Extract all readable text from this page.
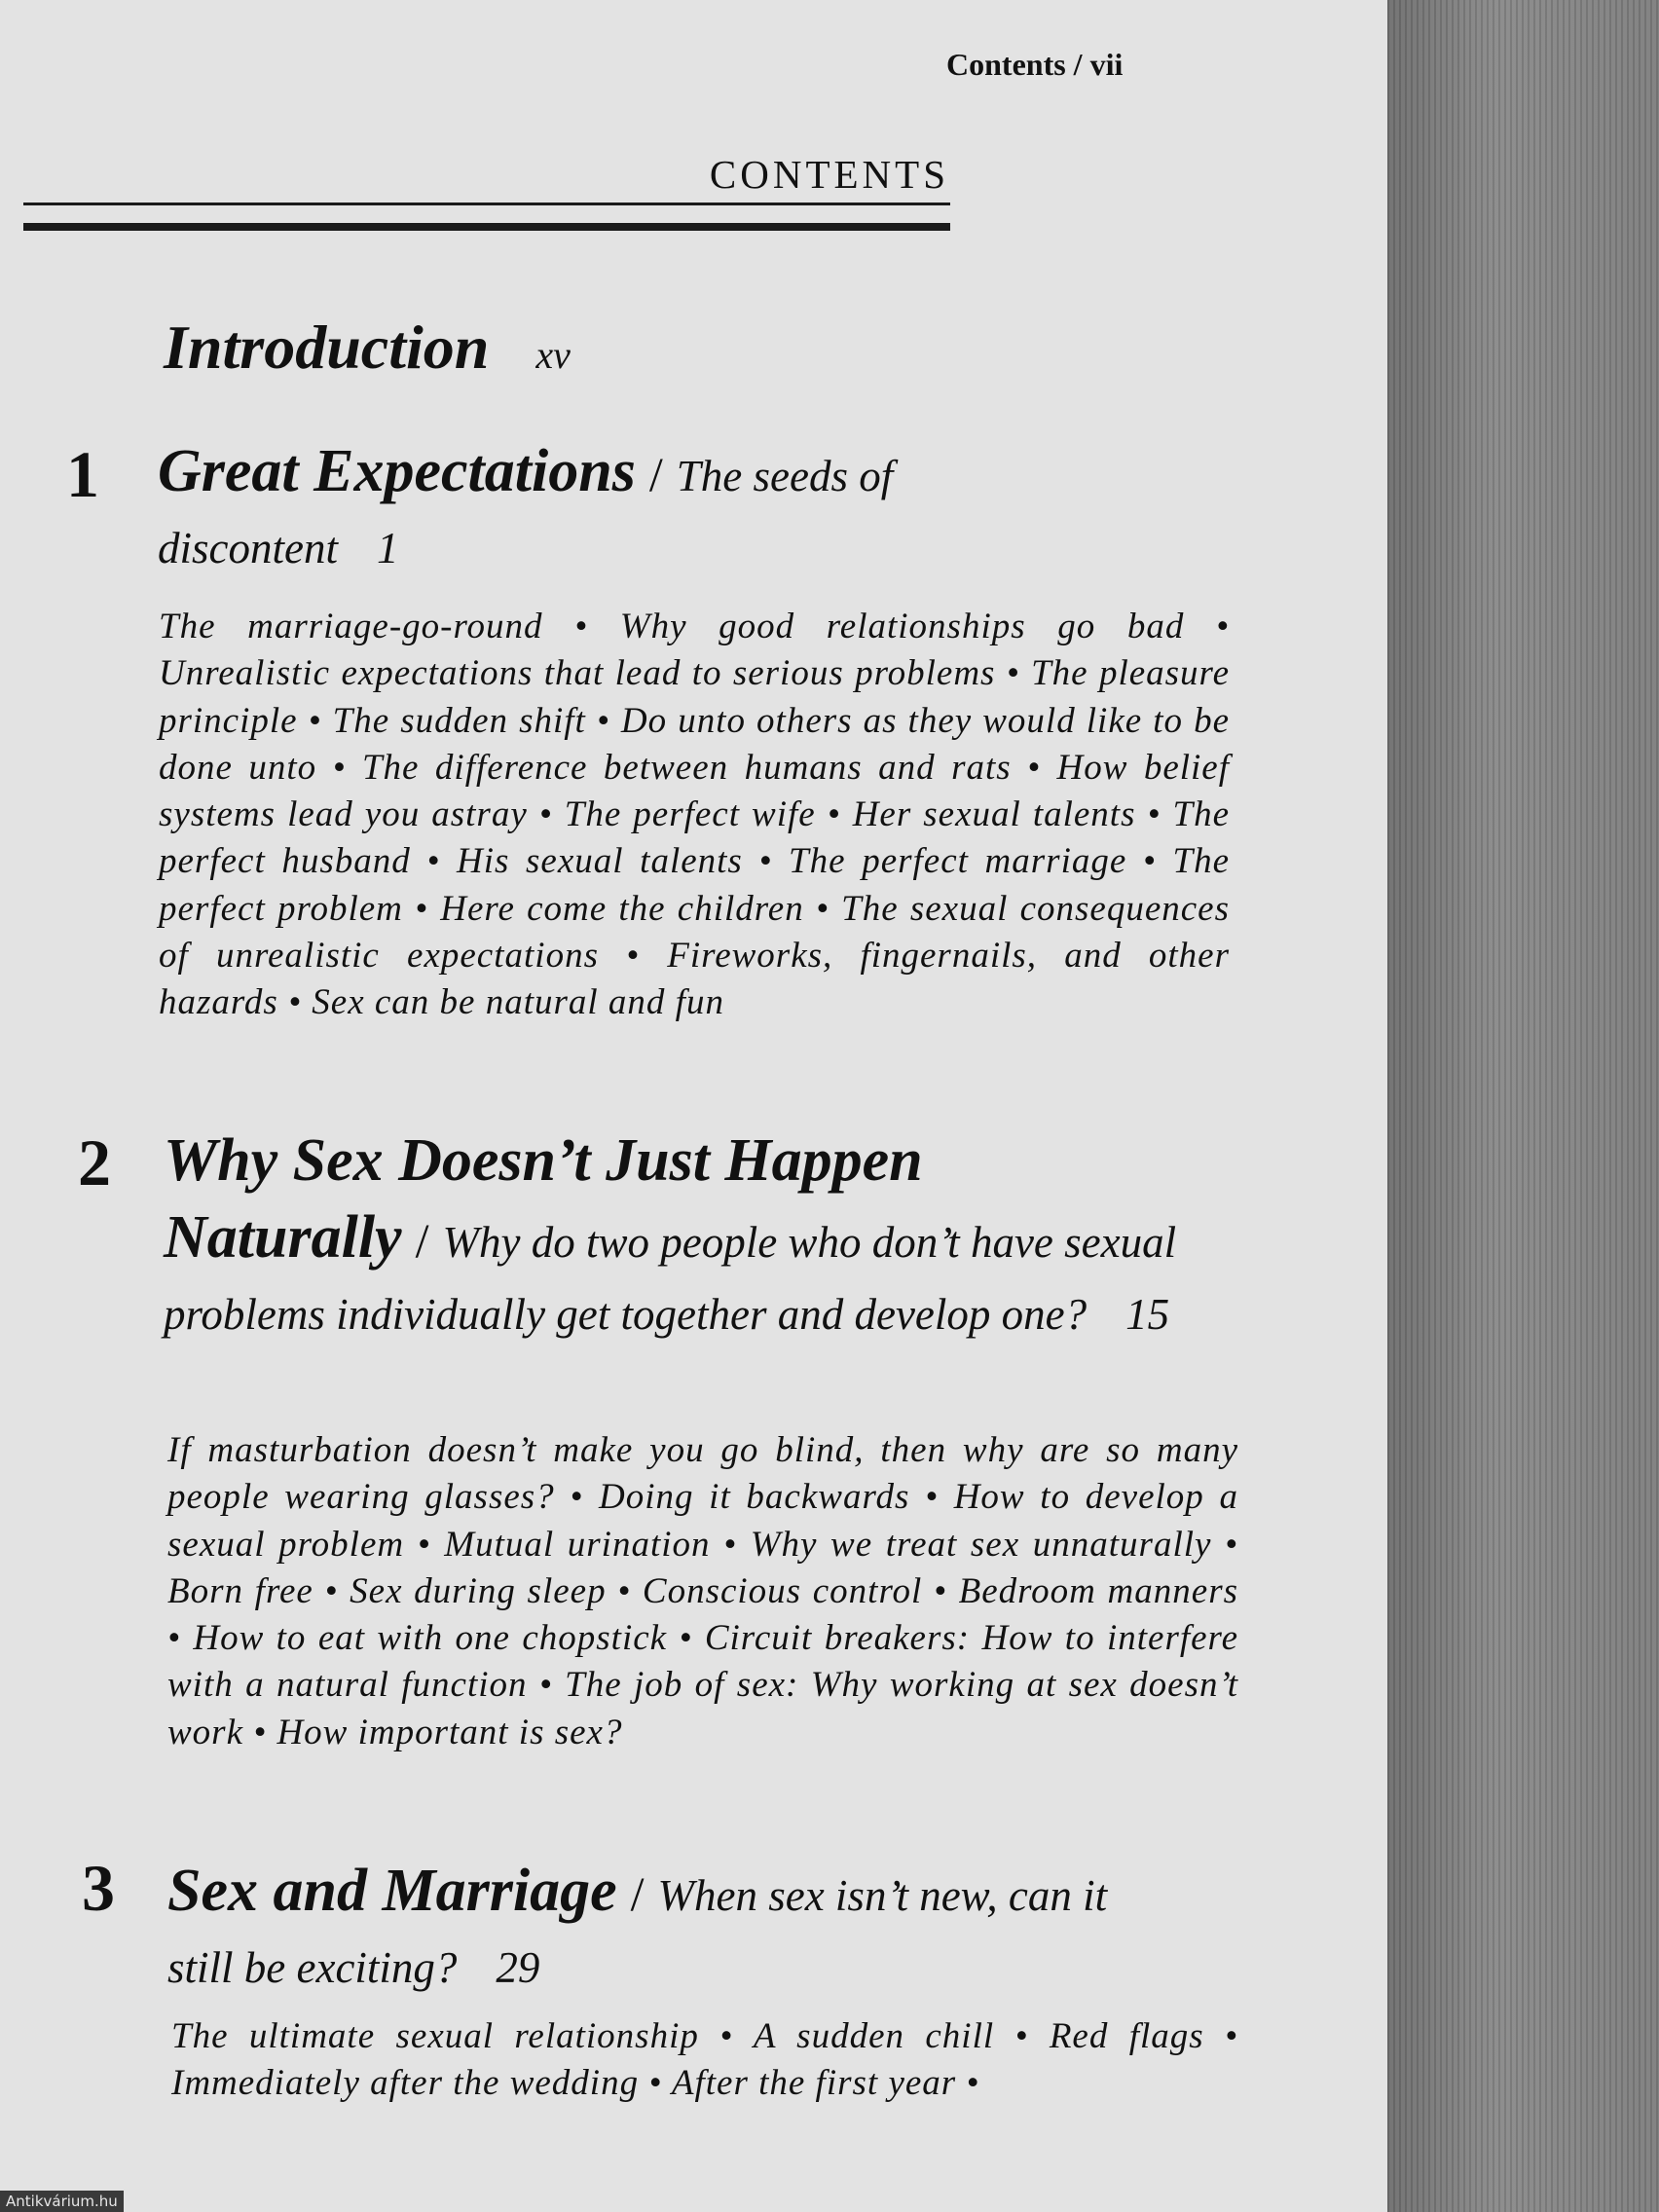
Contents / vii
CONTENTS
Introduction xv
1 Great Expectations / The seeds of discontent 1
The marriage-go-round • Why good relationships go bad • Unrealistic expectations that lead to serious problems • The pleasure principle • The sudden shift • Do unto others as they would like to be done unto • The difference between humans and rats • How belief systems lead you astray • The perfect wife • Her sexual talents • The perfect husband • His sexual talents • The perfect marriage • The perfect problem • Here come the children • The sexual consequences of unrealistic expectations • Fireworks, fingernails, and other hazards • Sex can be natural and fun
2 Why Sex Doesn’t Just Happen Naturally / Why do two people who don’t have sexual problems individually get together and develop one? 15
If masturbation doesn’t make you go blind, then why are so many people wearing glasses? • Doing it backwards • How to develop a sexual problem • Mutual urination • Why we treat sex unnaturally • Born free • Sex during sleep • Conscious control • Bedroom manners • How to eat with one chopstick • Circuit breakers: How to interfere with a natural function • The job of sex: Why working at sex doesn’t work • How important is sex?
3 Sex and Marriage / When sex isn’t new, can it still be exciting? 29
The ultimate sexual relationship • A sudden chill • Red flags • Immediately after the wedding • After the first year •
Antikvárium.hu
